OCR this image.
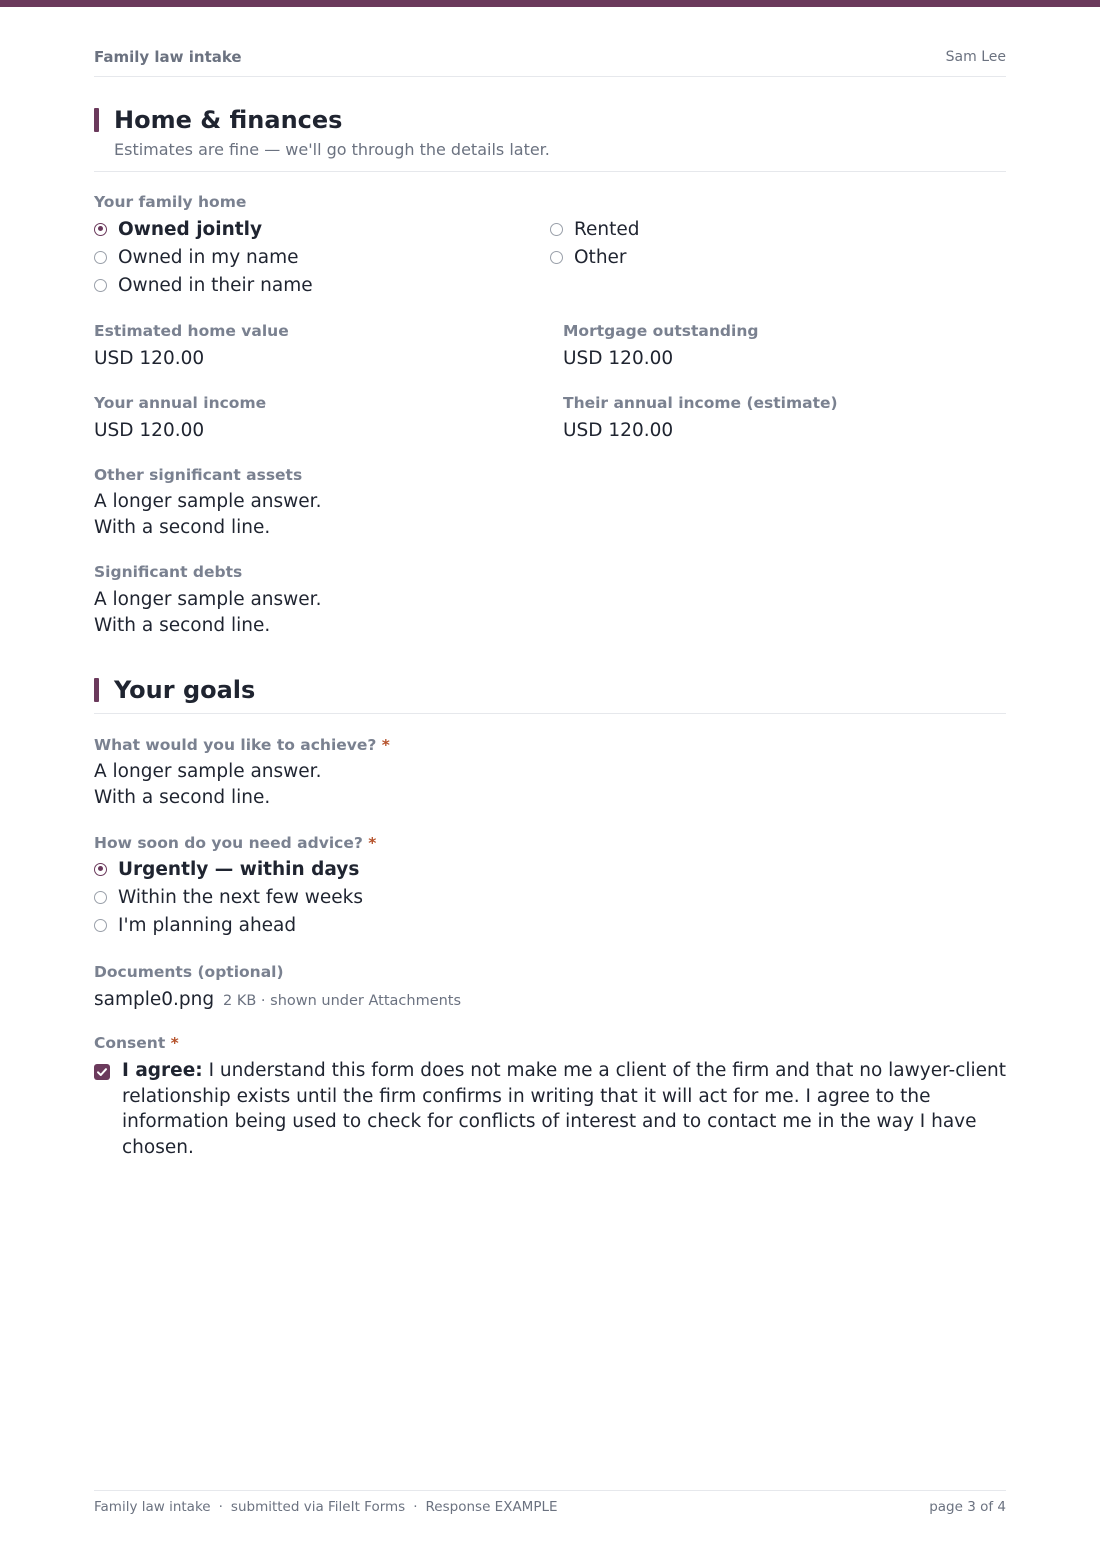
Family law intake	Sam Lee
Home & finances
Estimates are fine — we'll go through the details later.
Your family home
Owned jointly
Owned in my name
Owned in their name
Rented
Other
Estimated home value
USD 120.00
Mortgage outstanding
USD 120.00
Your annual income
USD 120.00
Their annual income (estimate)
USD 120.00
Other significant assets
A longer sample answer.
With a second line.
Significant debts
A longer sample answer.
With a second line.
Your goals
What would you like to achieve? *
A longer sample answer.
With a second line.
How soon do you need advice? *
Urgently — within days
Within the next few weeks
I'm planning ahead
Documents (optional)
sample0.png 2 KB · shown under Attachments
Consent *
I agree: I understand this form does not make me a client of the firm and that no lawyer-client relationship exists until the firm confirms in writing that it will act for me. I agree to the information being used to check for conflicts of interest and to contact me in the way I have chosen.
Family law intake · submitted via FileIt Forms · Response EXAMPLE	page 3 of 4
